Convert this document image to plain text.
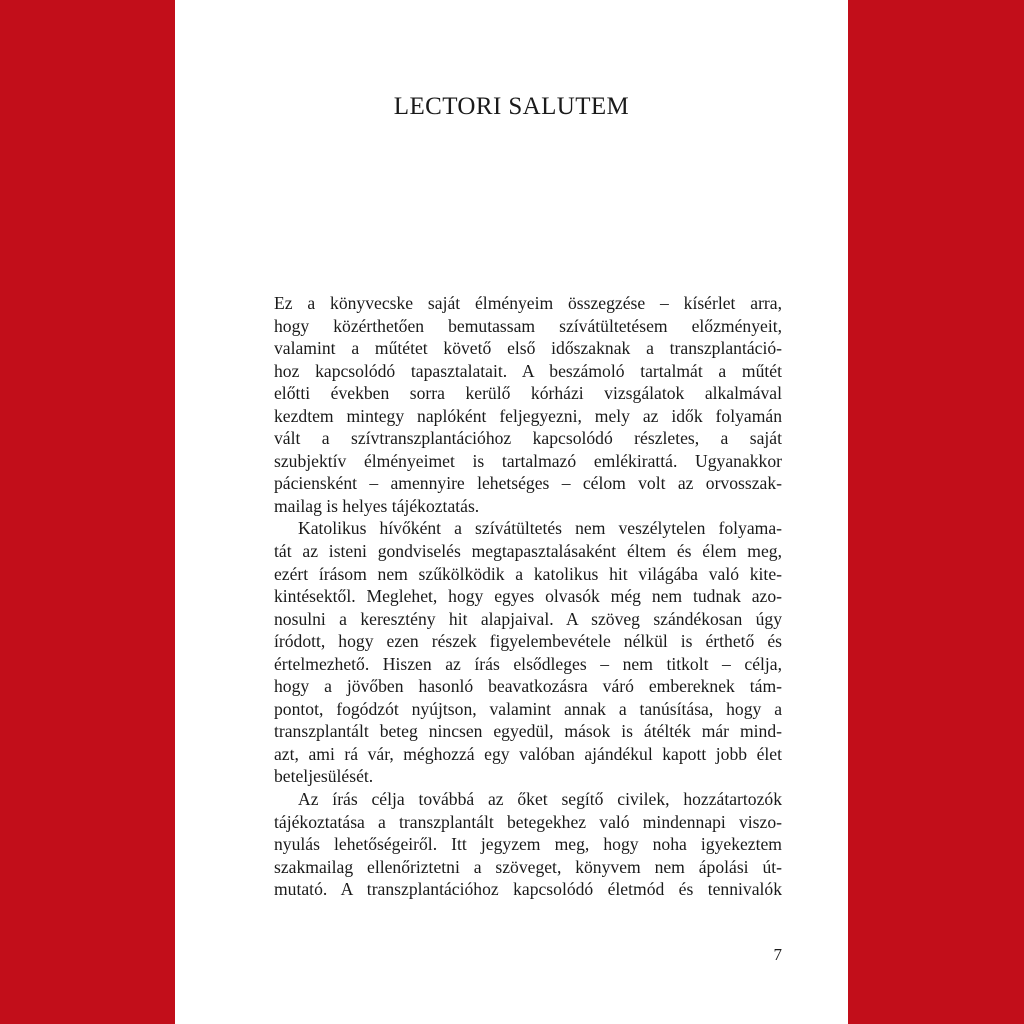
LECTORI SALUTEM

Ez a könyvecske saját élményeim összegzése – kísérlet arra,
hogy közérthetően bemutassam szívátültetésem előzményeit,
valamint a műtétet követő első időszaknak a transzplantáció-
hoz kapcsolódó tapasztalatait. A beszámoló tartalmát a műtét
előtti években sorra kerülő kórházi vizsgálatok alkalmával
kezdtem mintegy naplóként feljegyezni, mely az idők folyamán
vált a szívtranszplantációhoz kapcsolódó részletes, a saját
szubjektív élményeimet is tartalmazó emlékirattá. Ugyanakkor
páciensként – amennyire lehetséges – célom volt az orvosszak-
mailag is helyes tájékoztatás.

Katolikus hívőként a szívátültetés nem veszélytelen folyama-
tát az isteni gondviselés megtapasztalásaként éltem és élem meg,
ezért írásom nem szűkölködik a katolikus hit világába való kite-
kintésektől. Meglehet, hogy egyes olvasók még nem tudnak azo-
nosulni a keresztény hit alapjaival. A szöveg szándékosan úgy
íródott, hogy ezen részek figyelembevétele nélkül is érthető és
értelmezhető. Hiszen az írás elsődleges – nem titkolt – célja,
hogy a jövőben hasonló beavatkozásra váró embereknek tám-
pontot, fogódzót nyújtson, valamint annak a tanúsítása, hogy a
transzplantált beteg nincsen egyedül, mások is átélték már mind-
azt, ami rá vár, méghozzá egy valóban ajándékul kapott jobb élet
beteljesülését.

Az írás célja továbbá az őket segítő civilek, hozzátartozók
tájékoztatása a transzplantált betegekhez való mindennapi viszo-
nyulás lehetőségeiről. Itt jegyzem meg, hogy noha igyekeztem
szakmailag ellenőriztetni a szöveget, könyvem nem ápolási út-
mutató. A transzplantációhoz kapcsolódó életmód és tennivalók

7
